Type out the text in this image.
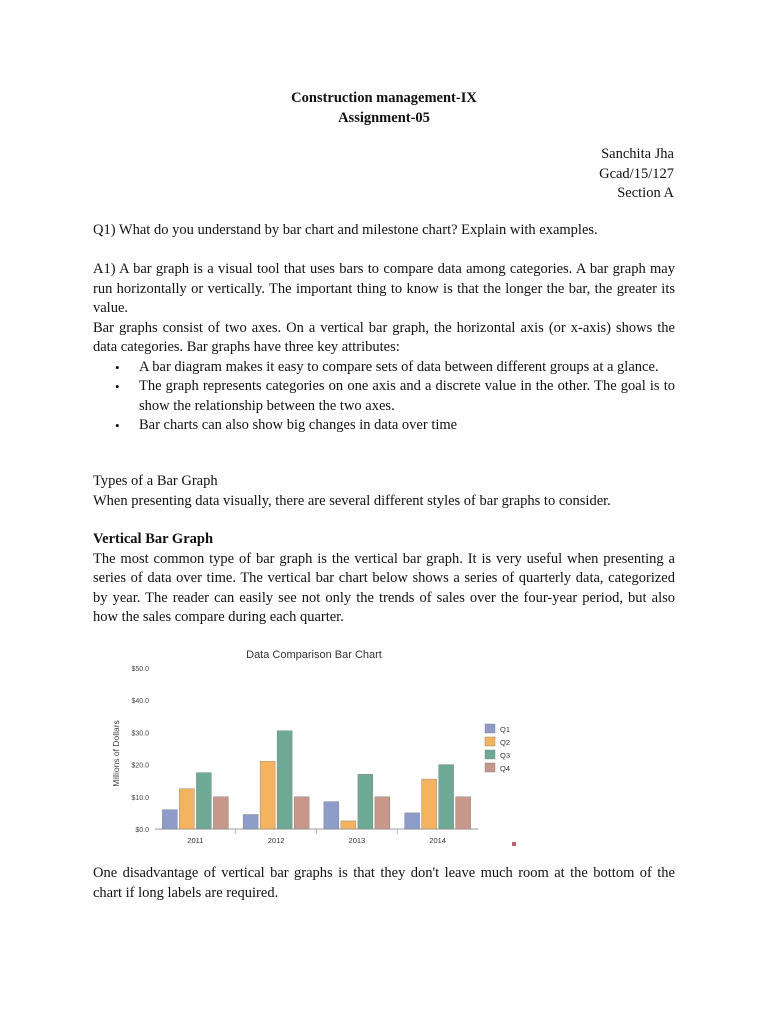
Construction management-IX
Assignment-05
Sanchita Jha
Gcad/15/127
Section A

Q1) What do you understand by bar chart and milestone chart? Explain with examples.

A1) A bar graph is a visual tool that uses bars to compare data among categories. A bar graph may run horizontally or vertically. The important thing to know is that the longer the bar, the greater its value.

Bar graphs consist of two axes. On a vertical bar graph, the horizontal axis (or x-axis) shows the data categories. Bar graphs have three key attributes:

• A bar diagram makes it easy to compare sets of data between different groups at a glance.
• The graph represents categories on one axis and a discrete value in the other. The goal is to show the relationship between the two axes.
• Bar charts can also show big changes in data over time

Types of a Bar Graph

When presenting data visually, there are several different styles of bar graphs to consider.

Vertical Bar Graph

The most common type of bar graph is the vertical bar graph. It is very useful when presenting a series of data over time. The vertical bar chart below shows a series of quarterly data, categorized by year. The reader can easily see not only the trends of sales over the four-year period, but also how the sales compare during each quarter.

Data Comparison Bar Chart
Millions of Dollars
$0.0
$10.0
$20.0
$30.0
$40.0
$50.0
2011	2012	2013	2014
Q1
Q2
Q3
Q4

One disadvantage of vertical bar graphs is that they don't leave much room at the bottom of the chart if long labels are required.
